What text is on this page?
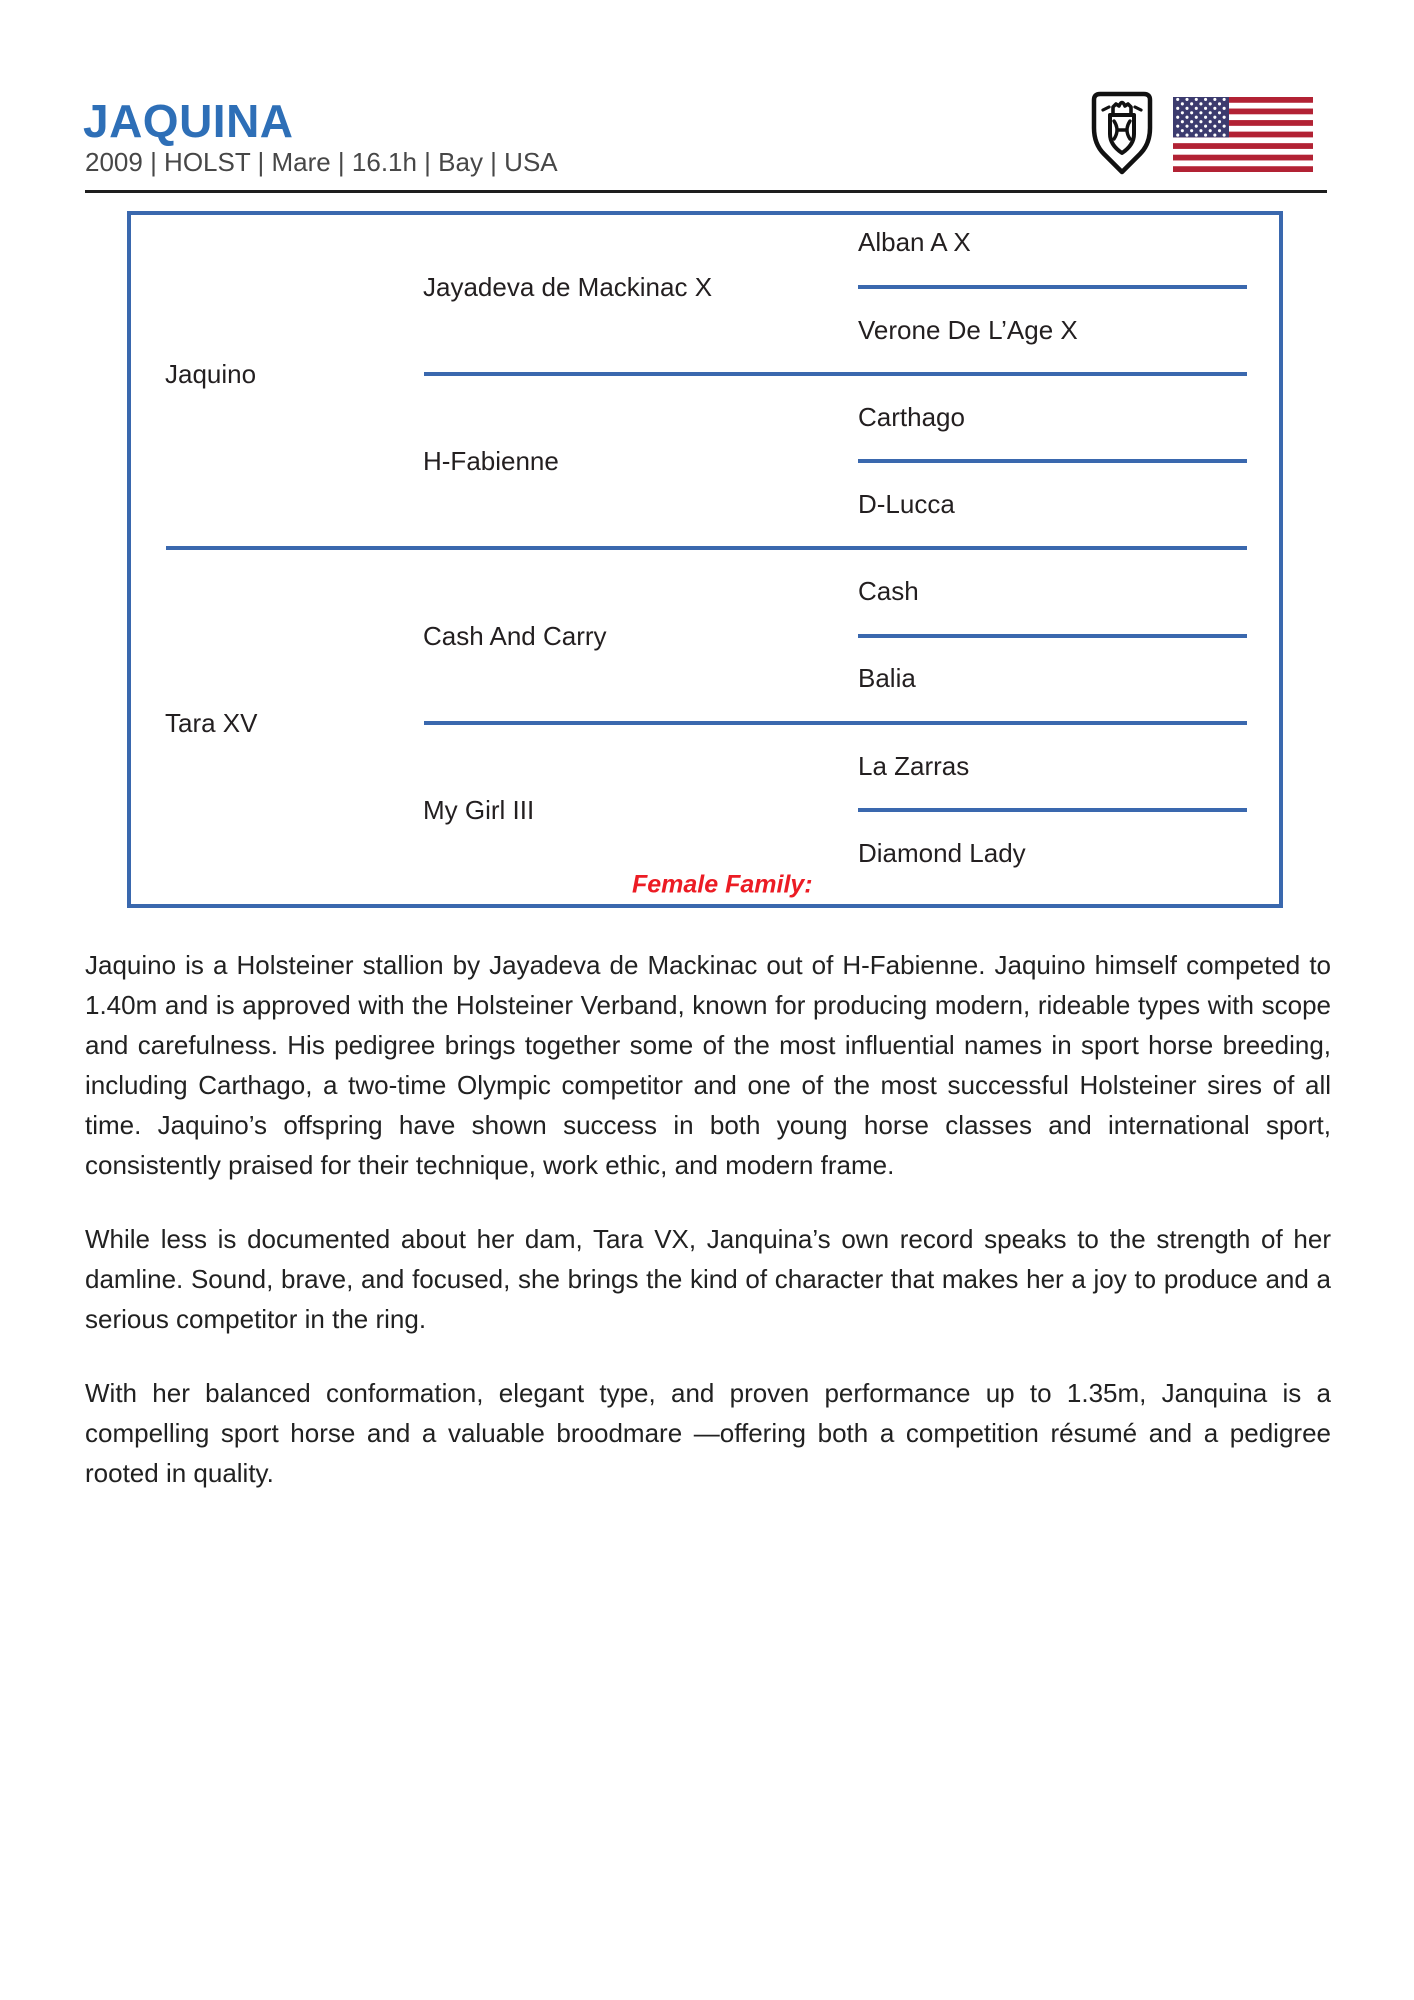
JAQUINA
2009 | HOLST | Mare | 16.1h | Bay | USA
Jaquino
Tara XV
Jayadeva de Mackinac X
H-Fabienne
Cash And Carry
My Girl III
Alban A X
Verone De L’Age X
Carthago
D-Lucca
Cash
Balia
La Zarras
Diamond Lady
Female Family:

Jaquino is a Holsteiner stallion by Jayadeva de Mackinac out of H-Fabienne. Jaquino himself competed to 1.40m and is approved with the Holsteiner Verband, known for producing modern, rideable types with scope and carefulness. His pedigree brings together some of the most influential names in sport horse breeding, including Carthago, a two-time Olympic competitor and one of the most successful Holsteiner sires of all time. Jaquino’s offspring have shown success in both young horse classes and international sport, consistently praised for their technique, work ethic, and modern frame.

While less is documented about her dam, Tara VX, Janquina’s own record speaks to the strength of her damline. Sound, brave, and focused, she brings the kind of character that makes her a joy to produce and a serious competitor in the ring.

With her balanced conformation, elegant type, and proven performance up to 1.35m, Janquina is a compelling sport horse and a valuable broodmare —offering both a competition résumé and a pedigree rooted in quality.
